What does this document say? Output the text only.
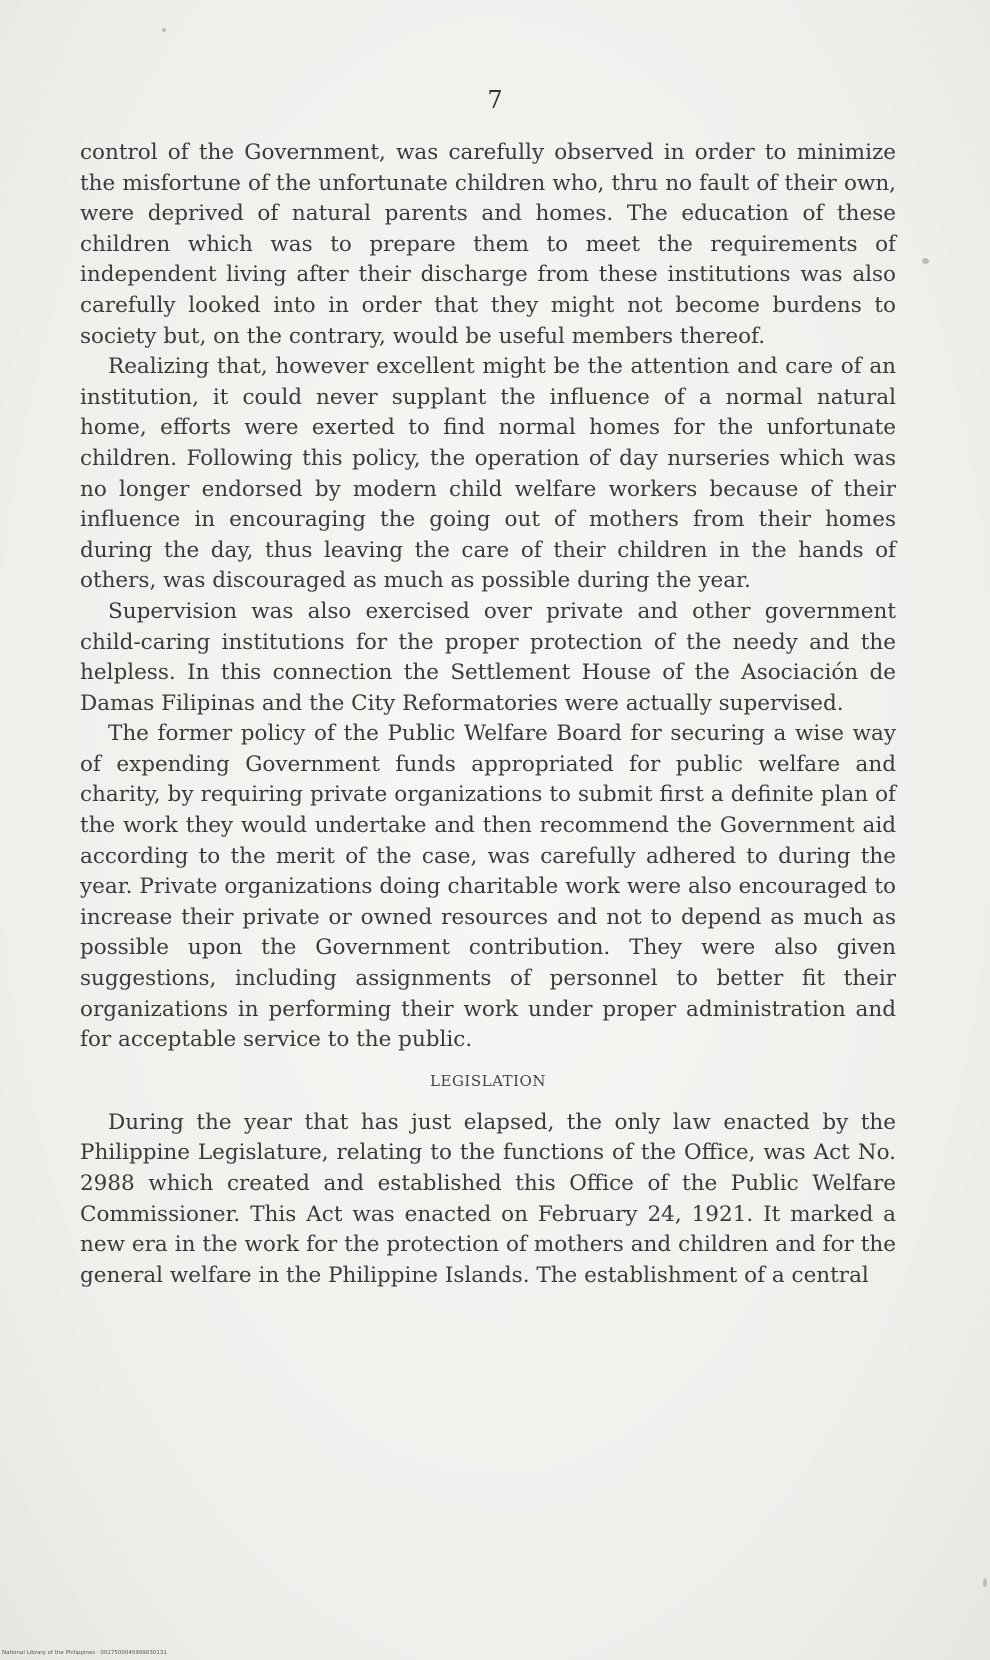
7

control of the Government, was carefully observed in order to minimize the misfortune of the unfortunate children who, thru no fault of their own, were deprived of natural parents and homes. The education of these children which was to prepare them to meet the requirements of independent living after their discharge from these institutions was also carefully looked into in order that they might not become burdens to society but, on the contrary, would be useful members thereof.

Realizing that, however excellent might be the attention and care of an institution, it could never supplant the influence of a normal natural home, efforts were exerted to find normal homes for the unfortunate children. Following this policy, the operation of day nurseries which was no longer endorsed by modern child welfare workers because of their influence in encouraging the going out of mothers from their homes during the day, thus leaving the care of their children in the hands of others, was discouraged as much as possible during the year.

Supervision was also exercised over private and other government child-caring institutions for the proper protection of the needy and the helpless. In this connection the Settlement House of the Asociación de Damas Filipinas and the City Reformatories were actually supervised.

The former policy of the Public Welfare Board for securing a wise way of expending Government funds appropriated for public welfare and charity, by requiring private organizations to submit first a definite plan of the work they would undertake and then recommend the Government aid according to the merit of the case, was carefully adhered to during the year. Private organizations doing charitable work were also encouraged to increase their private or owned resources and not to depend as much as possible upon the Government contribution. They were also given suggestions, including assignments of personnel to better fit their organizations in performing their work under proper administration and for acceptable service to the public.

LEGISLATION

During the year that has just elapsed, the only law enacted by the Philippine Legislature, relating to the functions of the Office, was Act No. 2988 which created and established this Office of the Public Welfare Commissioner. This Act was enacted on February 24, 1921. It marked a new era in the work for the protection of mothers and children and for the general welfare in the Philippine Islands. The establishment of a central

National Library of the Philippines · 0027500045999030131
